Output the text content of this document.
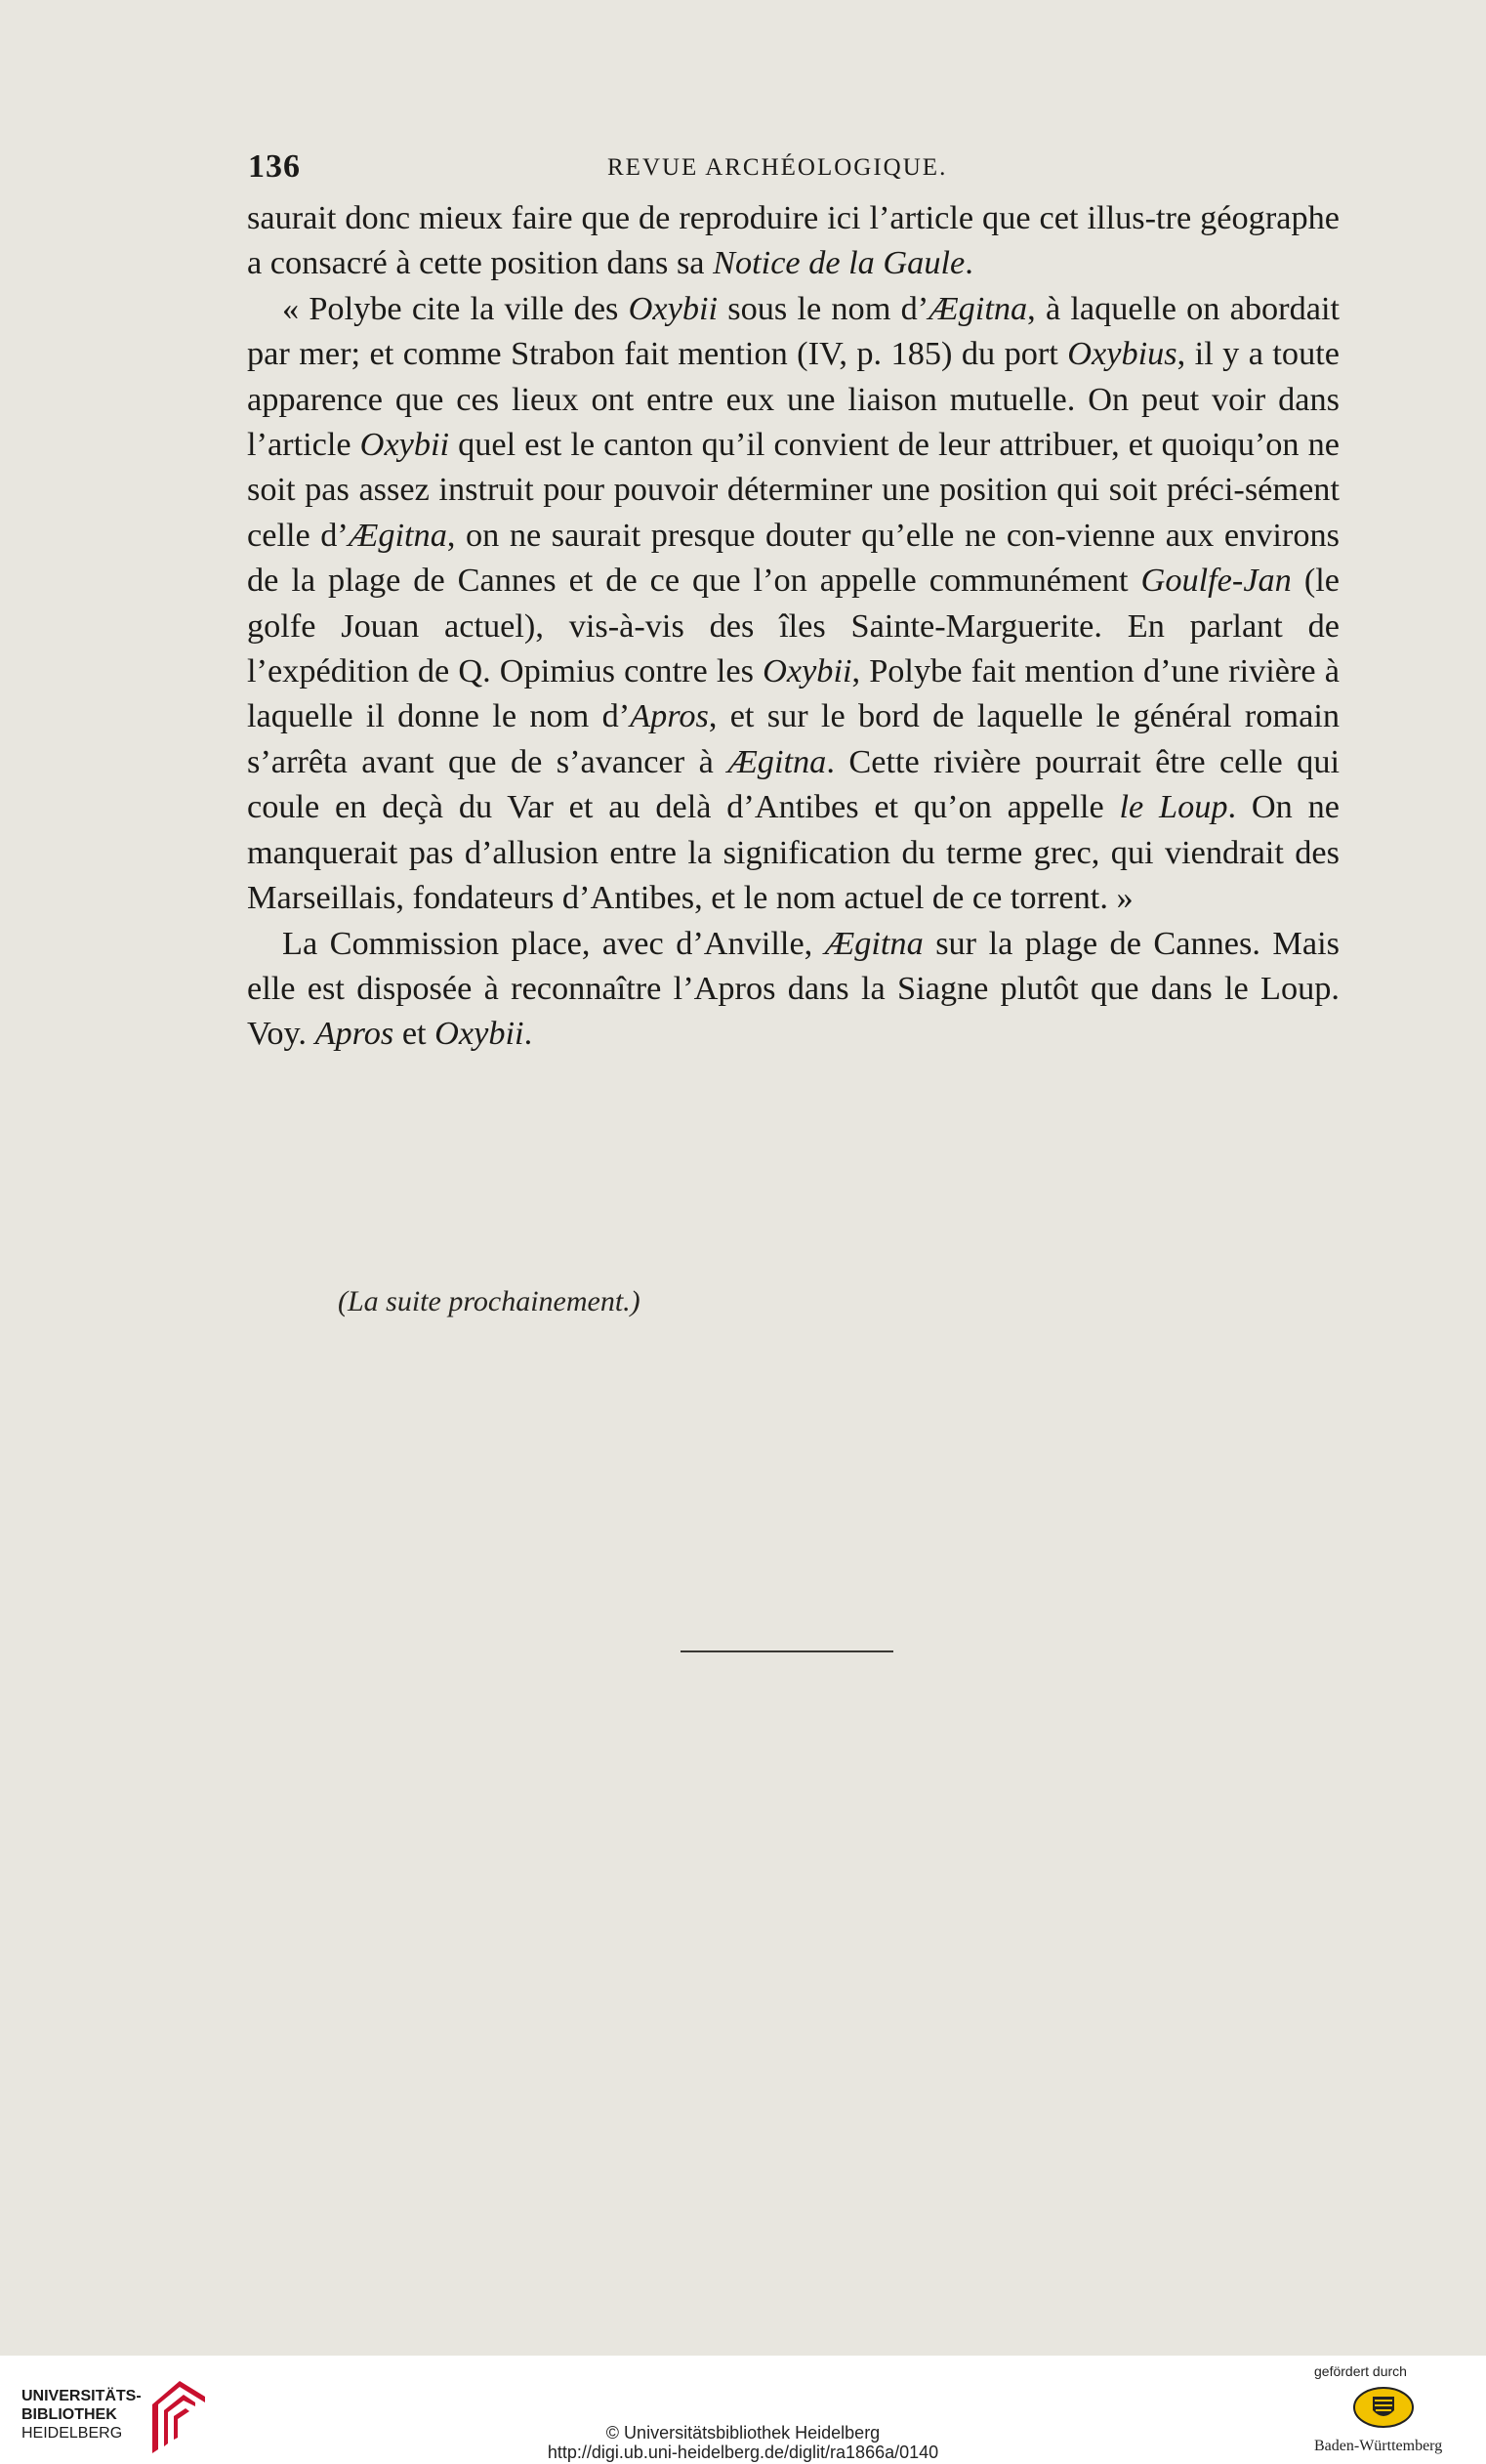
136	REVUE ARCHÉOLOGIQUE.

saurait donc mieux faire que de reproduire ici l’article que cet illus-tre géographe a consacré à cette position dans sa Notice de la Gaule.

« Polybe cite la ville des Oxybii sous le nom d’Ægitna, à laquelle on abordait par mer; et comme Strabon fait mention (IV, p. 185) du port Oxybius, il y a toute apparence que ces lieux ont entre eux une liaison mutuelle. On peut voir dans l’article Oxybii quel est le canton qu’il convient de leur attribuer, et quoiqu’on ne soit pas assez instruit pour pouvoir déterminer une position qui soit préci-sément celle d’Ægitna, on ne saurait presque douter qu’elle ne con-vienne aux environs de la plage de Cannes et de ce que l’on appelle communément Goulfe-Jan (le golfe Jouan actuel), vis-à-vis des îles Sainte-Marguerite. En parlant de l’expédition de Q. Opimius contre les Oxybii, Polybe fait mention d’une rivière à laquelle il donne le nom d’Apros, et sur le bord de laquelle le général romain s’arrêta avant que de s’avancer à Ægitna. Cette rivière pourrait être celle qui coule en deçà du Var et au delà d’Antibes et qu’on appelle le Loup. On ne manquerait pas d’allusion entre la signification du terme grec, qui viendrait des Marseillais, fondateurs d’Antibes, et le nom actuel de ce torrent. »

La Commission place, avec d’Anville, Ægitna sur la plage de Cannes. Mais elle est disposée à reconnaître l’Apros dans la Siagne plutôt que dans le Loup. Voy. Apros et Oxybii.

(La suite prochainement.)
UNIVERSITÄTS-
BIBLIOTHEK
HEIDELBERG	© Universitätsbibliothek Heidelberg
http://digi.ub.uni-heidelberg.de/diglit/ra1866a/0140
gefördert durch
Baden-Württemberg
